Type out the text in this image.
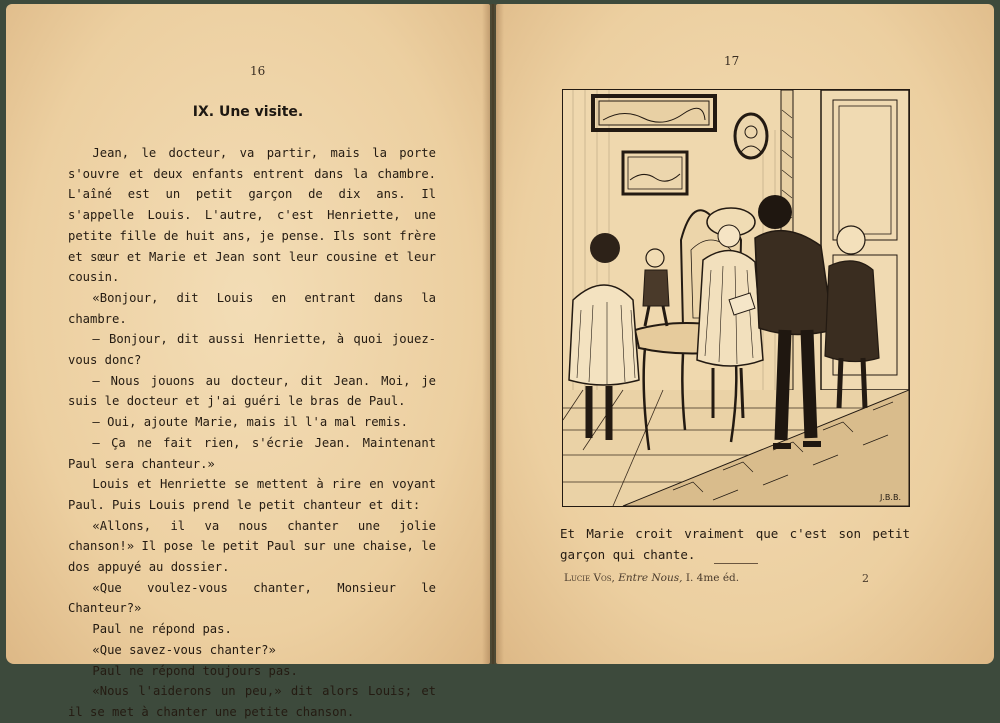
16
IX. Une visite.

Jean, le docteur, va partir, mais la porte s'ouvre et deux enfants entrent dans la chambre. L'aîné est un petit garçon de dix ans. Il s'appelle Louis. L'autre, c'est Henriette, une petite fille de huit ans, je pense. Ils sont frère et sœur et Marie et Jean sont leur cousine et leur cousin.

«Bonjour, dit Louis en entrant dans la chambre.

— Bonjour, dit aussi Henriette, à quoi jouez-vous donc?

— Nous jouons au docteur, dit Jean. Moi, je suis le docteur et j'ai guéri le bras de Paul.

— Oui, ajoute Marie, mais il l'a mal remis.

— Ça ne fait rien, s'écrie Jean. Maintenant Paul sera chanteur.»

Louis et Henriette se mettent à rire en voyant Paul. Puis Louis prend le petit chanteur et dit:

«Allons, il va nous chanter une jolie chanson!» Il pose le petit Paul sur une chaise, le dos appuyé au dossier.

«Que voulez-vous chanter, Monsieur le Chanteur?»

Paul ne répond pas.

«Que savez-vous chanter?»

Paul ne répond toujours pas.

«Nous l'aiderons un peu,» dit alors Louis; et il se met à chanter une petite chanson.

17
J.B.B.
Et Marie croit vraiment que c'est son petit garçon qui chante.
Lucie Vos, Entre Nous, I. 4me éd.	2
